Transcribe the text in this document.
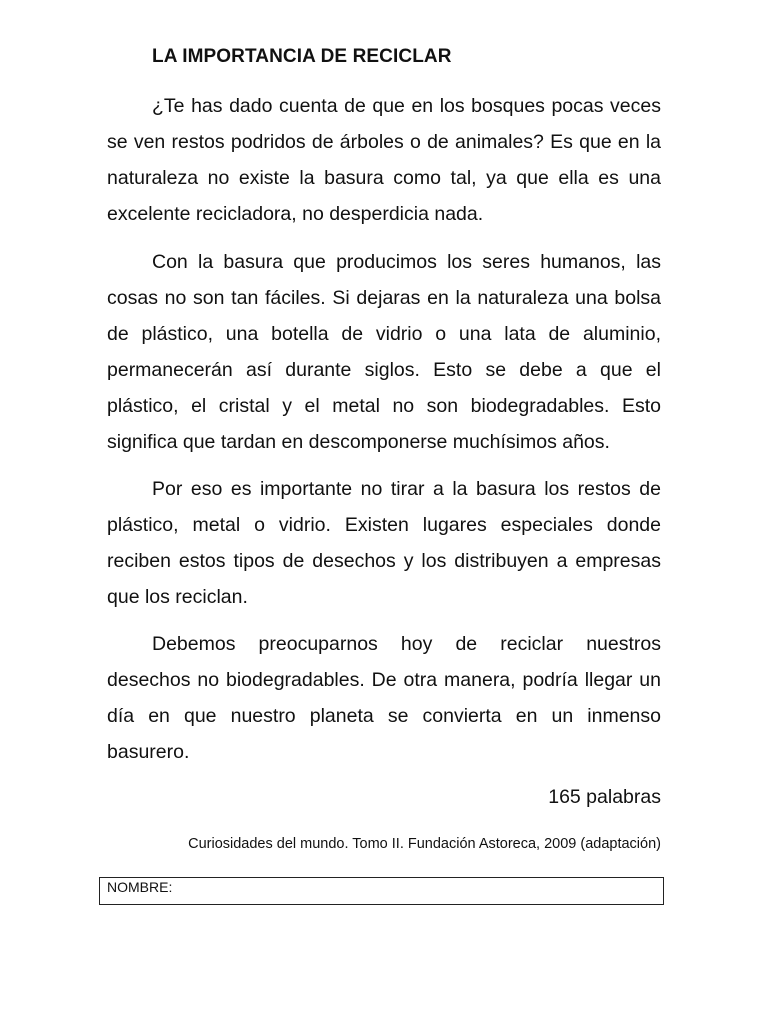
LA IMPORTANCIA DE RECICLAR

¿Te has dado cuenta de que en los bosques pocas veces se ven restos podridos de árboles o de animales? Es que en la naturaleza no existe la basura como tal, ya que ella es una excelente recicladora, no desperdicia nada.

Con la basura que producimos los seres humanos, las cosas no son tan fáciles. Si dejaras en la naturaleza una bolsa de plástico, una botella de vidrio o una lata de aluminio, permanecerán así durante siglos. Esto se debe a que el plástico, el cristal y el metal no son biodegradables. Esto significa que tardan en descomponerse muchísimos años.

Por eso es importante no tirar a la basura los restos de plástico, metal o vidrio. Existen lugares especiales donde reciben estos tipos de desechos y los distribuyen a empresas que los reciclan.

Debemos preocuparnos hoy de reciclar nuestros desechos no biodegradables. De otra manera, podría llegar un día en que nuestro planeta se convierta en un inmenso basurero.

165 palabras
Curiosidades del mundo. Tomo II. Fundación Astoreca, 2009 (adaptación)
NOMBRE:
